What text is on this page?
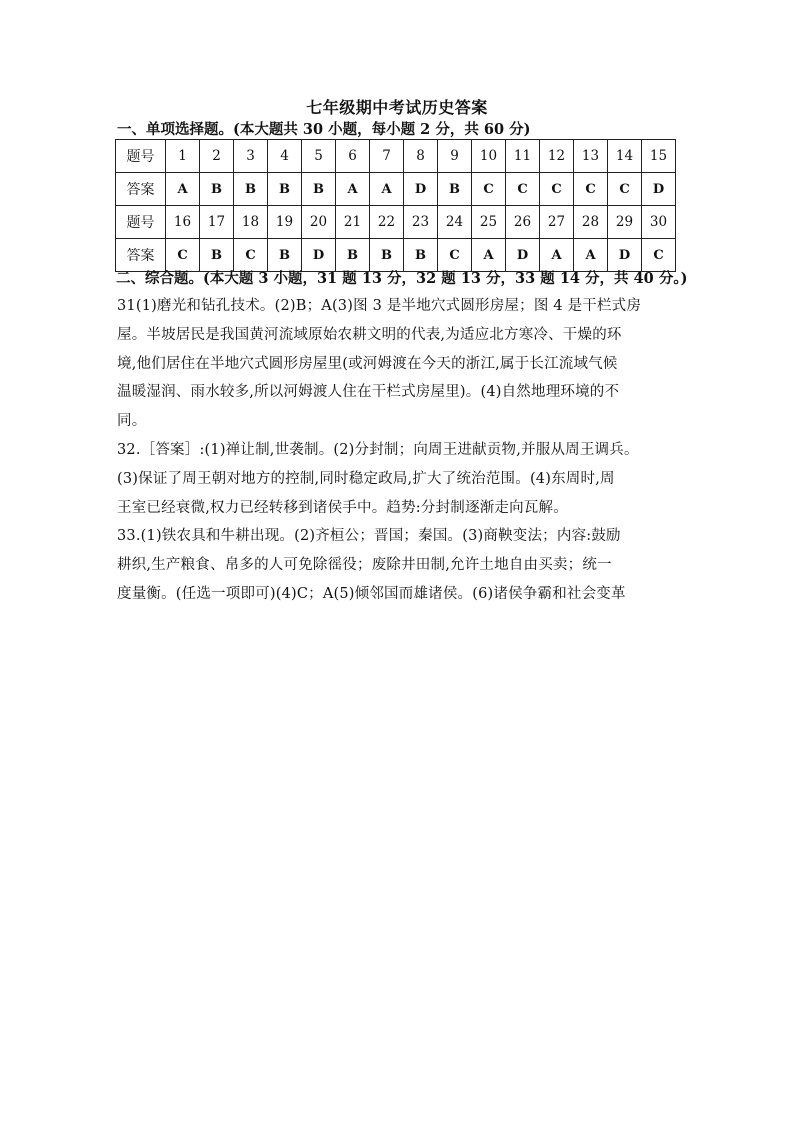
七年级期中考试历史答案
一、单项选择题。(本大题共 30 小题，每小题 2 分，共 60 分)
题号	1	2	3	4	5	6	7	8	9	10	11	12	13	14	15
答案	A	B	B	B	B	A	A	D	B	C	C	C	C	C	D
题号	16	17	18	19	20	21	22	23	24	25	26	27	28	29	30
答案	C	B	C	B	D	B	B	B	C	A	D	A	A	D	C
二、综合题。(本大题 3 小题，31 题 13 分，32 题 13 分，33 题 14 分，共 40 分。)
31(1)磨光和钻孔技术。(2)B；A(3)图 3 是半地穴式圆形房屋；图 4 是干栏式房
屋。半坡居民是我国黄河流域原始农耕文明的代表,为适应北方寒冷、干燥的环
境,他们居住在半地穴式圆形房屋里(或河姆渡在今天的浙江,属于长江流域气候
温暖湿润、雨水较多,所以河姆渡人住在干栏式房屋里)。(4)自然地理环境的不
同。
32.［答案］:(1)禅让制,世袭制。(2)分封制；向周王进献贡物,并服从周王调兵。
(3)保证了周王朝对地方的控制,同时稳定政局,扩大了统治范围。(4)东周时,周
王室已经衰微,权力已经转移到诸侯手中。趋势:分封制逐渐走向瓦解。
33.(1)铁农具和牛耕出现。(2)齐桓公；晋国；秦国。(3)商鞅变法；内容:鼓励
耕织,生产粮食、帛多的人可免除徭役；废除井田制,允许土地自由买卖；统一
度量衡。(任选一项即可)(4)C；A(5)倾邻国而雄诸侯。(6)诸侯争霸和社会变革
